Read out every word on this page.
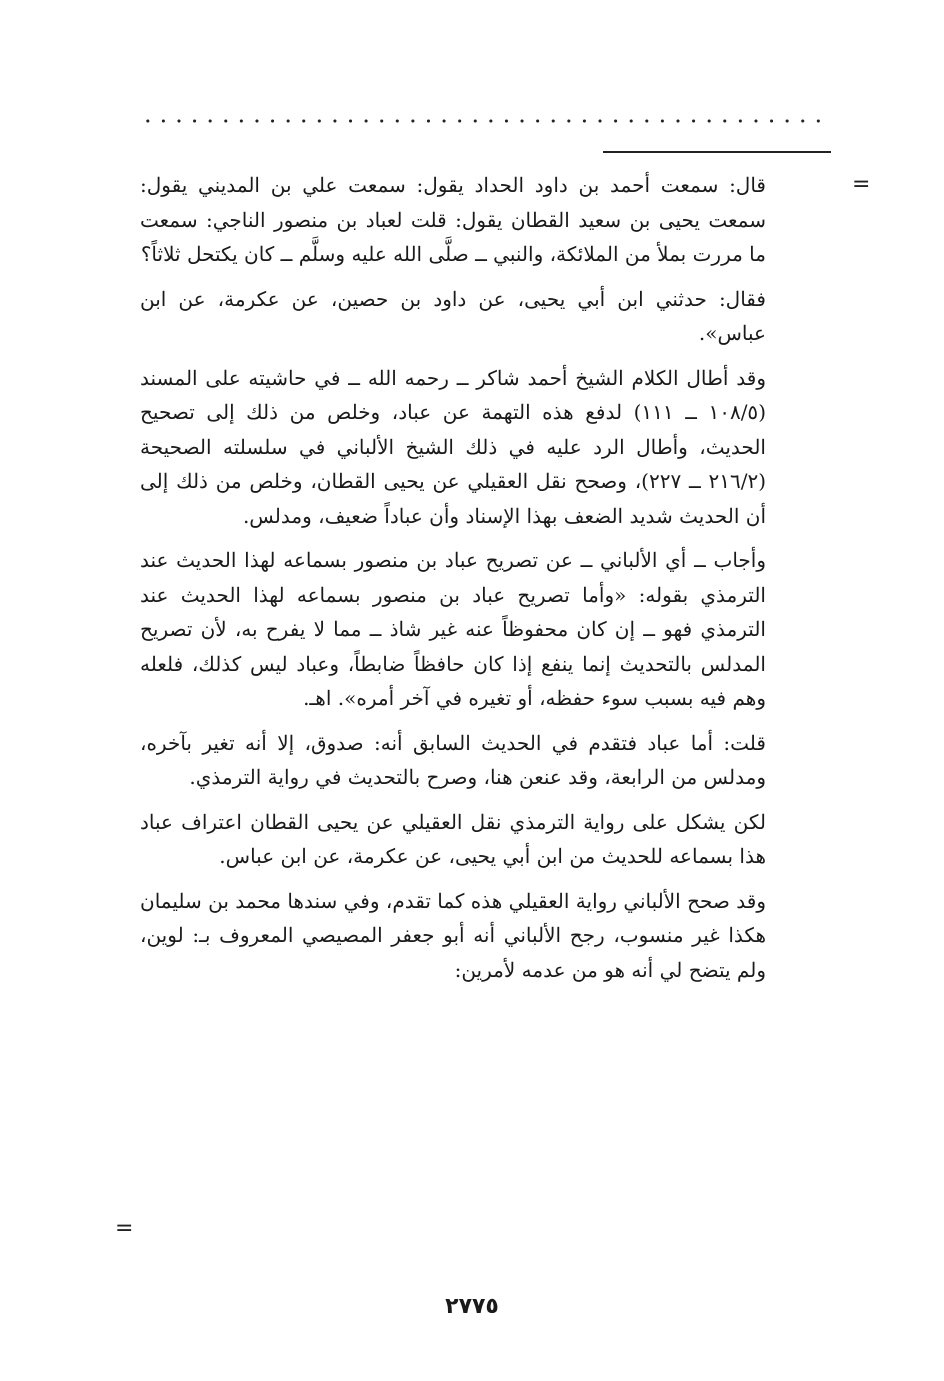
=

قال: سمعت أحمد بن داود الحداد يقول: سمعت علي بن المديني يقول: سمعت يحيى بن سعيد القطان يقول: قلت لعباد بن منصور الناجي: سمعت ما مررت بملأ من الملائكة، والنبي ــ صلَّى الله عليه وسلَّم ــ كان يكتحل ثلاثاً؟

فقال: حدثني ابن أبي يحيى، عن داود بن حصين، عن عكرمة، عن ابن عباس».

وقد أطال الكلام الشيخ أحمد شاكر ــ رحمه الله ــ في حاشيته على المسند (١٠٨/٥ ــ ١١١) لدفع هذه التهمة عن عباد، وخلص من ذلك إلى تصحيح الحديث، وأطال الرد عليه في ذلك الشيخ الألباني في سلسلته الصحيحة (٢١٦/٢ ــ ٢٢٧)، وصحح نقل العقيلي عن يحيى القطان، وخلص من ذلك إلى أن الحديث شديد الضعف بهذا الإسناد وأن عباداً ضعيف، ومدلس.

وأجاب ــ أي الألباني ــ عن تصريح عباد بن منصور بسماعه لهذا الحديث عند الترمذي بقوله: «وأما تصريح عباد بن منصور بسماعه لهذا الحديث عند الترمذي فهو ــ إن كان محفوظاً عنه غير شاذ ــ مما لا يفرح به، لأن تصريح المدلس بالتحديث إنما ينفع إذا كان حافظاً ضابطاً، وعباد ليس كذلك، فلعله وهم فيه بسبب سوء حفظه، أو تغيره في آخر أمره». اهـ.

قلت: أما عباد فتقدم في الحديث السابق أنه: صدوق، إلا أنه تغير بآخره، ومدلس من الرابعة، وقد عنعن هنا، وصرح بالتحديث في رواية الترمذي.

لكن يشكل على رواية الترمذي نقل العقيلي عن يحيى القطان اعتراف عباد هذا بسماعه للحديث من ابن أبي يحيى، عن عكرمة، عن ابن عباس.

وقد صحح الألباني رواية العقيلي هذه كما تقدم، وفي سندها محمد بن سليمان هكذا غير منسوب، رجح الألباني أنه أبو جعفر المصيصي المعروف بـ: لوين، ولم يتضح لي أنه هو من عدمه لأمرين:

=
٢٧٧٥
